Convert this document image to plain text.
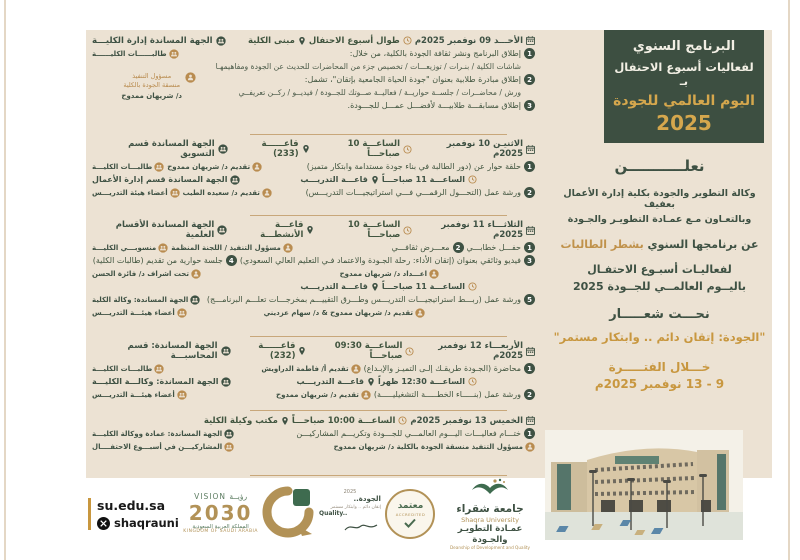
الأحـــد 09 نوفمبر 2025م
طوال أسبوع الاحتفال
مبنى الكلية
الجهة المساندة إدارة الكليـــة
1
إطلاق البرنامج ونشر ثقافة الجودة بالكلية، من خلال:
طالبــــــات الكليــــــة
شاشات الكلية / بنـرات / توزيعـــات / تخصيص جزء من المحاضرات للحديث عن الجودة ومفاهيمهـا
2
إطلاق مبادرة طلابية بعنوان "جودة الحياة الجامعية بإتقان"، تشمل:
ورش / محاضــرات / جلســة حواريــة / فعاليــة صــوتك للجــودة / فيديــو / ركــن تعريفــي
3
إطلاق مسابقـــة طلابيـــة لأفضـــل عمـــل للجـــودة.
مسؤول التنفيذ
منسقة الجودة بالكلية
د/ شريهان ممدوح
الاثنيـن 10 نوفمبر 2025م
الساعـــة 10 صباحـــاً
قاعــــــة (233)
الجهة المساندة قسم التسويق
1
حلقة حوار عن (دور الطالبة في بناء جودة مستدامة وابتكار متميز)
تقديم د/ شريهان ممدوح
طالبـــات الكليـــة
الساعـــة 11 صباحـــاً
قاعـــة التدريـــب
الجهة المساندة قسم إدارة الأعمال
2
ورشة عمل (التحـــول الرقمـــي فـــي استراتيجيـــات التدريـــس)
تقديم د/ سعيده الطيب
أعضاء هيئة التدريـــس
الثلاثـــاء 11 نوفمبر 2025م
الساعـــة 10 صباحـــاً
قاعـــة الأنشطـــة
الجهة المساندة الأقسام العلمية
1
حفـــل خطابـــي
2
معـــرض ثقافـــي
مسؤول التنفيذ / اللجنة المنظمة
منسوبـــي الكليـــة
3
فيديو وثائقي بعنوان (إتقان الأداء: رحلة الجـودة والاعتماد فـي التعليم العالي السعودي)
4
جلسة حوارية من تقديم (طالبات الكلية)
اعـــداد د/ شريهان ممدوح
تحت اشراف د/ فائزة الحسن
الساعـــة 11 صباحـــاً
قاعـــة التدريـــب
5
ورشة عمل (ربـــط استراتيجيـــات التدريـــس وطـــرق التقييـــم بمخرجـــات تعلـــم البرنامـــج)
الجهة المساندة: وكالة الكلية
تقديم د/ شريهان ممدوح & د/ سهام عزديني
أعضاء هيئـــة التدريـــس
الأربعـــاء 12 نوفمبر 2025م
الساعـــة 09:30 صباحـــاً
قاعــــــة (232)
الجهة المساندة: قسم المحاسبـــة
1
محاضرة (الجـودة طريقـك إلـى التميـز والإبـداع)
تقديم أ/ فاطمة الدراويش
طالبـــات الكليـــة
الساعـــة 12:30 ظهراً
قاعـــة التدريـــب
الجهة المساندة: وكالـــة الكليـــة
2
ورشة عمل (بنـــــاء الخطـــــة التشغيليـــــة)
تقديم د/ شريهان ممدوح
أعضاء هيئـــة التدريـــس
الخميس 13 نوفمبر 2025م
الساعـــة 10:00 صباحـــاً
مكتب وكيلة الكلية
1
ختـــام فعاليـــات اليـــوم العالمـــي للجـــودة وتكريـــم المشاركيـــن
الجهة المساندة: عمادة ووكالة الكليـــة
مسؤول التنفيذ منسقة الجودة بالكلية د/ شريهان ممدوح
المشاركيـــن في أسبـــوع الاحتفــــال
البرنامج السنوي
لفعاليات أسبوع الاحتفال بـ
اليوم العالمي للجودة
2025
نعلـــــــــــن
وكالة التطوير والجودة بكلية إدارة الأعمال بعفيف
وبالتعـاون مـع عمـادة التطويـر والجـودة
عن برنامجها السنوي بشطر الطالبات
لفعاليـات أسبـوع الاحتفـال
باليــوم العالمــي للجــودة 2025
نحـــت شعـــــار
"الجودة: إتقان دائم .. وابتكار مستمر"
خـــلال الفتـــــرة
9 - 13 نوفمبر 2025م
su.edu.sa
shaqrauni
VISION رؤيــة
2030
المملكة العربية السعودية
KINGDOM OF SAUDI ARABIA
2025
الجودة..
إتقان دائم .. وابتكار مستمر
Quality..
معتمد
ACCREDITED	جامعة شقراء
Shaqra University
عمـادة التطويـر والجـودة
Deanship of Development and Quality
